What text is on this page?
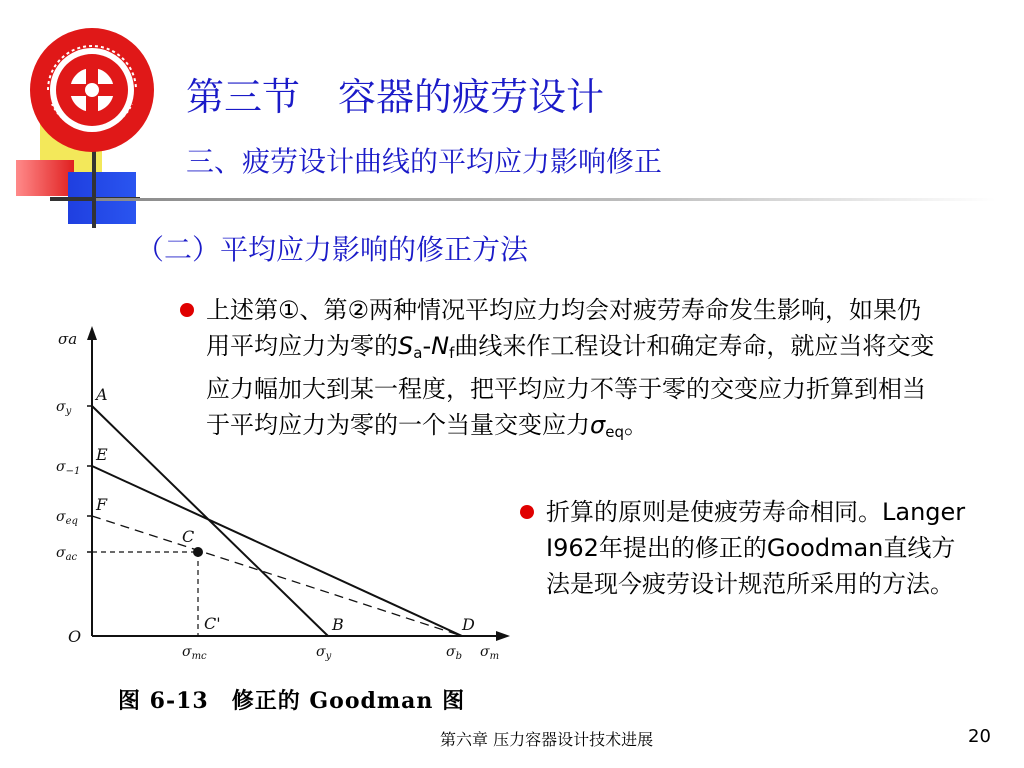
第三节　容器的疲劳设计
三、疲劳设计曲线的平均应力影响修正
（二）平均应力影响的修正方法
上述第①、第②两种情况平均应力均会对疲劳寿命发生影响，如果仍用平均应力为零的$S_a-N_f$曲线来作工程设计和确定寿命，就应当将交变应力幅加大到某一程度，把平均应力不等于零的交变应力折算到相当于平均应力为零的一个当量交变应力$\sigma_{eq}$。
折算的原则是使疲劳寿命相同。Langer I962年提出的修正的Goodman直线方法是现今疲劳设计规范所采用的方法。
σa
$\sigma_y$
$\sigma_{-1}$
$\sigma_{eq}$
$\sigma_{ac}$
A
E
F
C
C'	B	D
O
$\sigma_{mc}$	$\sigma_y$	$\sigma_b$ $\sigma_m$
图 6-13　修正的 Goodman 图
第六章 压力容器设计技术进展	20
